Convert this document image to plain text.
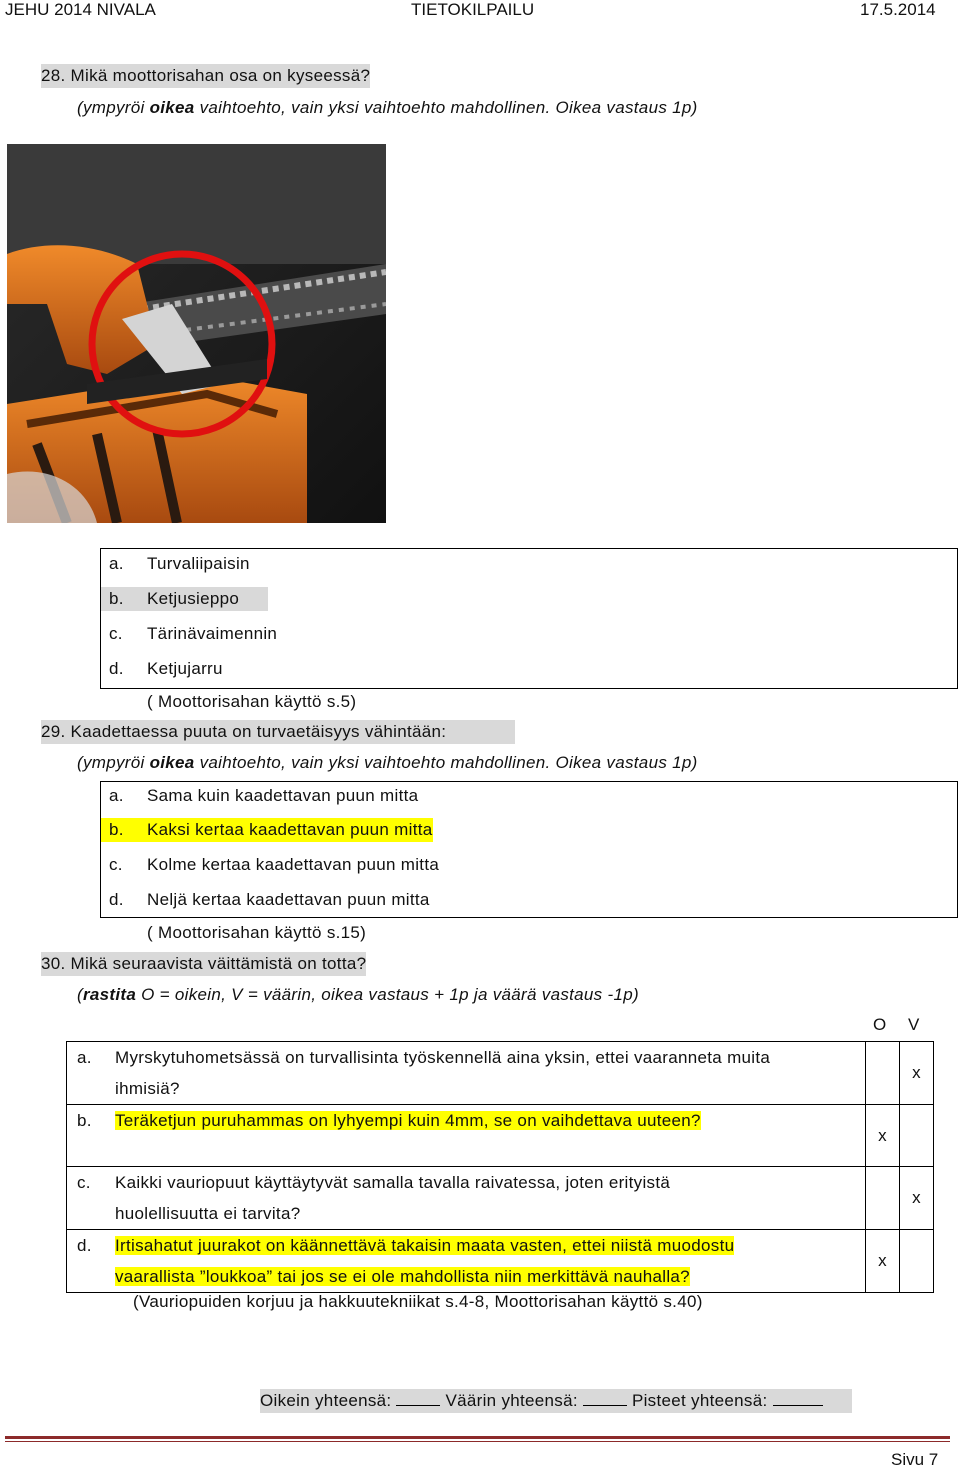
JEHU 2014 NIVALA	TIETOKILPAILU	17.5.2014
28. Mikä moottorisahan osa on kyseessä?
(ympyröi oikea vaihtoehto, vain yksi vaihtoehto mahdollinen. Oikea vastaus 1p)
a. Turvaliipaisin
b. Ketjusieppo
c. Tärinävaimennin
d. Ketjujarru
( Moottorisahan käyttö s.5)
29. Kaadettaessa puuta on turvaetäisyys vähintään:
(ympyröi oikea vaihtoehto, vain yksi vaihtoehto mahdollinen. Oikea vastaus 1p)
a. Sama kuin kaadettavan puun mitta
b. Kaksi kertaa kaadettavan puun mitta
c. Kolme kertaa kaadettavan puun mitta
d. Neljä kertaa kaadettavan puun mitta
( Moottorisahan käyttö s.15)
30. Mikä seuraavista väittämistä on totta?
(rastita O = oikein, V = väärin, oikea vastaus + 1p ja väärä vastaus -1p)
O V
a. Myrskytuhometsässä on turvallisinta työskennellä aina yksin, ettei vaaranneta muita
ihmisiä?		x

b. Teräketjun puruhammas on lyhyempi kuin 4mm, se on vaihdettava uuteen?	x	

c. Kaikki vauriopuut käyttäytyvät samalla tavalla raivatessa, joten erityistä
huolellisuutta ei tarvita?		x

d. Irtisahatut juurakot on käännettävä takaisin maata vasten, ettei niistä muodostu
vaarallista ”loukkoa” tai jos se ei ole mahdollista niin merkittävä nauhalla?	x	
(Vauriopuiden korjuu ja hakkuutekniikat s.4-8, Moottorisahan käyttö s.40)
Oikein yhteensä:	Väärin yhteensä:	Pisteet yhteensä:
Sivu 7
